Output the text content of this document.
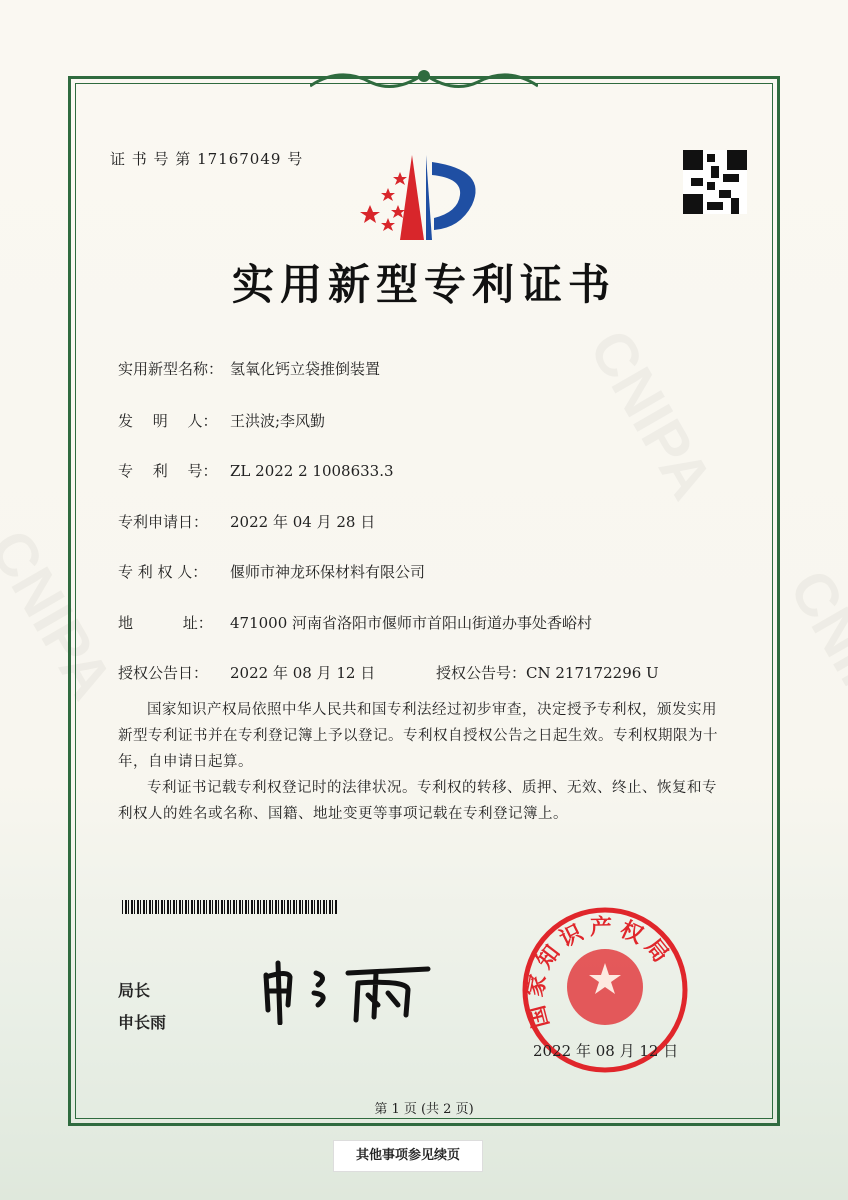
证 书 号 第 17167049 号
实用新型专利证书
实用新型名称： 氢氧化钙立袋推倒装置
发　 明　 人： 王洪波;李风勤
专　 利　 号： ZL 2022 2 1008633.3
专利申请日： 2022 年 04 月 28 日
专 利 权 人： 偃师市神龙环保材料有限公司
地　　　 址： 471000 河南省洛阳市偃师市首阳山街道办事处香峪村
授权公告日： 2022 年 08 月 12 日	授权公告号：CN 217172296 U

国家知识产权局依照中华人民共和国专利法经过初步审查，决定授予专利权，颁发实用新型专利证书并在专利登记簿上予以登记。专利权自授权公告之日起生效。专利权期限为十年，自申请日起算。

专利证书记载专利权登记时的法律状况。专利权的转移、质押、无效、终止、恢复和专利权人的姓名或名称、国籍、地址变更等事项记载在专利登记簿上。

局长
申长雨	国家知识产权局
2022 年 08 月 12 日
第 1 页 (共 2 页)
其他事项参见续页
